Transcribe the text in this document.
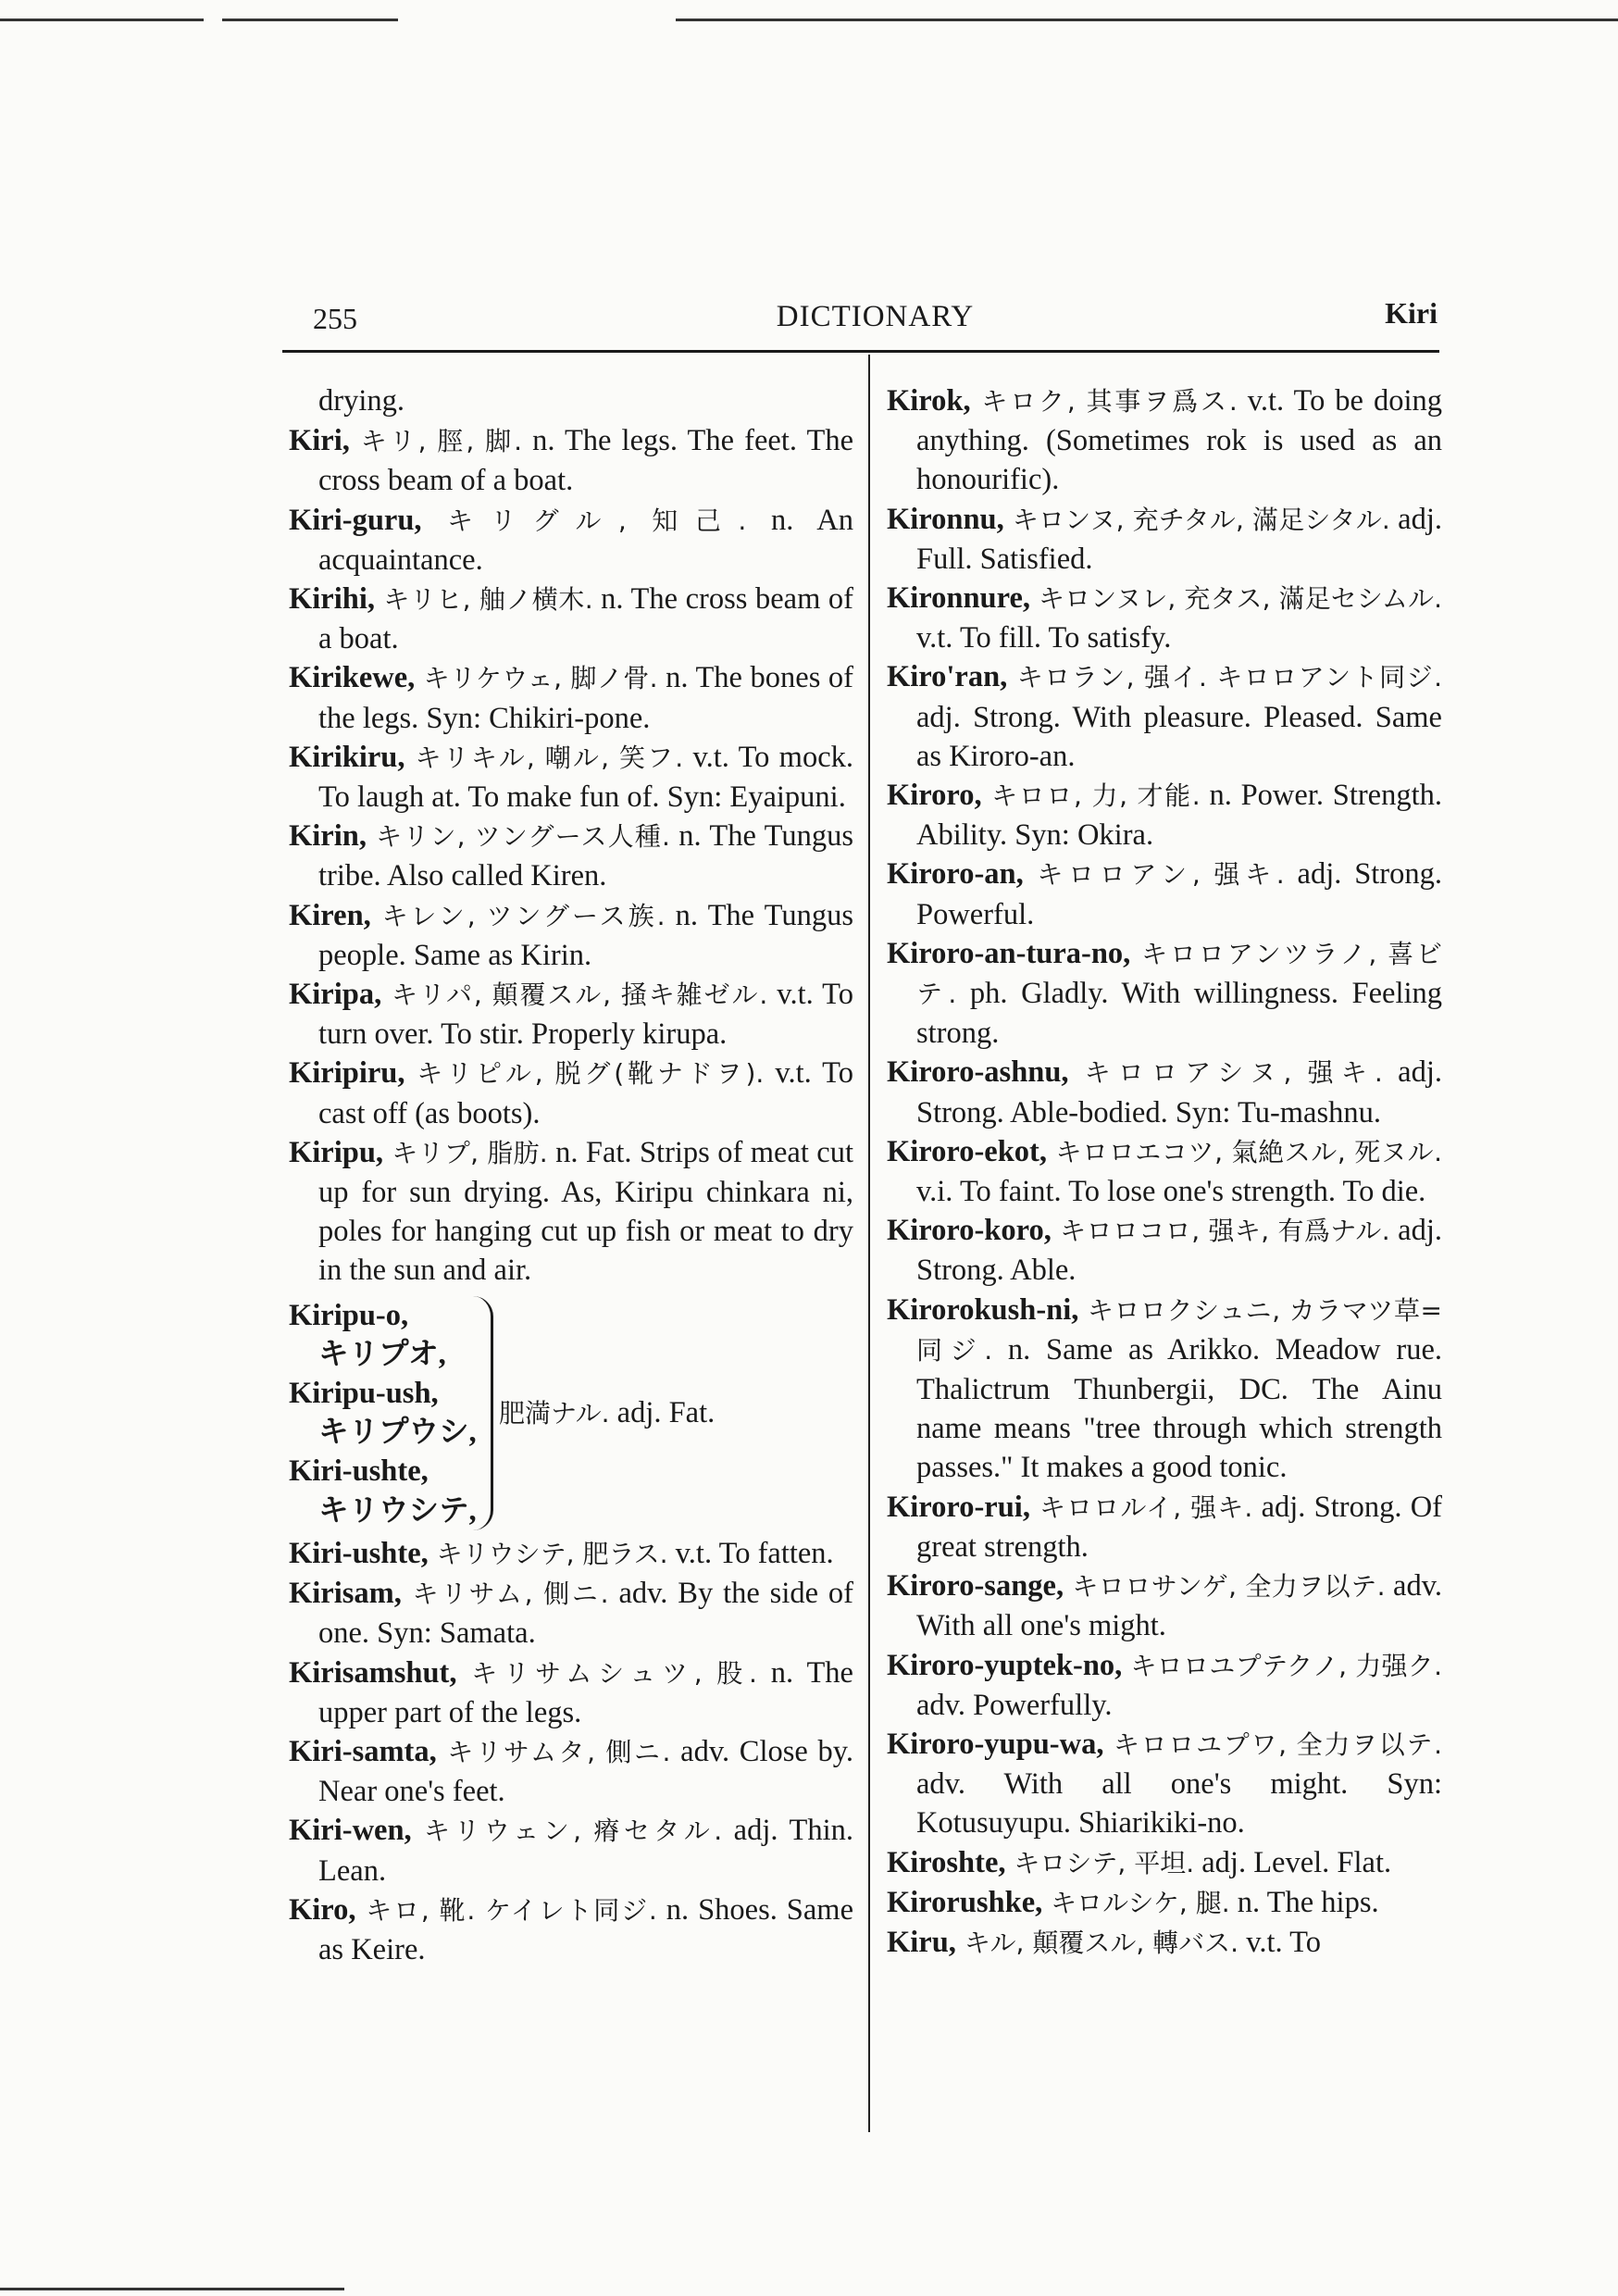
255	DICTIONARY	Kiri

drying.

Kiri, キリ, 脛, 脚. n. The legs. The feet. The cross beam of a boat.

Kiri-guru, キリグル, 知己. n. An acquaintance.

Kirihi, キリヒ, 舳ノ横木. n. The cross beam of a boat.

Kirikewe, キリケウェ, 脚ノ骨. n. The bones of the legs. Syn: Chikiri-pone.

Kirikiru, キリキル, 嘲ル, 笑フ. v.t. To mock. To laugh at. To make fun of. Syn: Eyaipuni.

Kirin, キリン, ツングース人種. n. The Tungus tribe. Also called Kiren.

Kiren, キレン, ツングース族. n. The Tungus people. Same as Kirin.

Kiripa, キリパ, 顛覆スル, 掻キ雑ゼル. v.t. To turn over. To stir. Properly kirupa.

Kiripiru, キリピル, 脱グ(靴ナドヲ). v.t. To cast off (as boots).

Kiripu, キリプ, 脂肪. n. Fat. Strips of meat cut up for sun drying. As, Kiripu chinkara ni, poles for hanging cut up fish or meat to dry in the sun and air.

Kiripu-o,
キリプオ,
Kiripu-ush,
キリプウシ,
Kiri-ushte,
キリウシテ,
肥満ナル. adj. Fat.

Kiri-ushte, キリウシテ, 肥ラス. v.t. To fatten.

Kirisam, キリサム, 側ニ. adv. By the side of one. Syn: Samata.

Kirisamshut, キリサムシュツ, 股. n. The upper part of the legs.

Kiri-samta, キリサムタ, 側ニ. adv. Close by. Near one's feet.

Kiri-wen, キリウェン, 瘠セタル. adj. Thin. Lean.

Kiro, キロ, 靴. ケイレト同ジ. n. Shoes. Same as Keire.

Kirok, キロク, 其事ヲ爲ス. v.t. To be doing anything. (Sometimes rok is used as an honourific).

Kironnu, キロンヌ, 充チタル, 滿足シタル. adj. Full. Satisfied.

Kironnure, キロンヌレ, 充タス, 滿足セシムル. v.t. To fill. To satisfy.

Kiro'ran, キロラン, 强イ. キロロアント同ジ. adj. Strong. With pleasure. Pleased. Same as Kiroro-an.

Kiroro, キロロ, 力, 才能. n. Power. Strength. Ability. Syn: Okira.

Kiroro-an, キロロアン, 强キ. adj. Strong. Powerful.

Kiroro-an-tura-no, キロロアンツラノ, 喜ビテ. ph. Gladly. With willingness. Feeling strong.

Kiroro-ashnu, キロロアシヌ, 强キ. adj. Strong. Able-bodied. Syn: Tu-mashnu.

Kiroro-ekot, キロロエコツ, 氣絶スル, 死ヌル. v.i. To faint. To lose one's strength. To die.

Kiroro-koro, キロロコロ, 强キ, 有爲ナル. adj. Strong. Able.

Kirorokush-ni, キロロクシュニ, カラマツ草=同ジ. n. Same as Arikko. Meadow rue. Thalictrum Thunbergii, DC. The Ainu name means "tree through which strength passes." It makes a good tonic.

Kiroro-rui, キロロルイ, 强キ. adj. Strong. Of great strength.

Kiroro-sange, キロロサンゲ, 全力ヲ以テ. adv. With all one's might.

Kiroro-yuptek-no, キロロユプテクノ, 力强ク. adv. Powerfully.

Kiroro-yupu-wa, キロロユプワ, 全力ヲ以テ. adv. With all one's might. Syn: Kotusuyupu. Shiarikiki-no.

Kiroshte, キロシテ, 平坦. adj. Level. Flat.

Kirorushke, キロルシケ, 腿. n. The hips.

Kiru, キル, 顛覆スル, 轉バス. v.t. To
